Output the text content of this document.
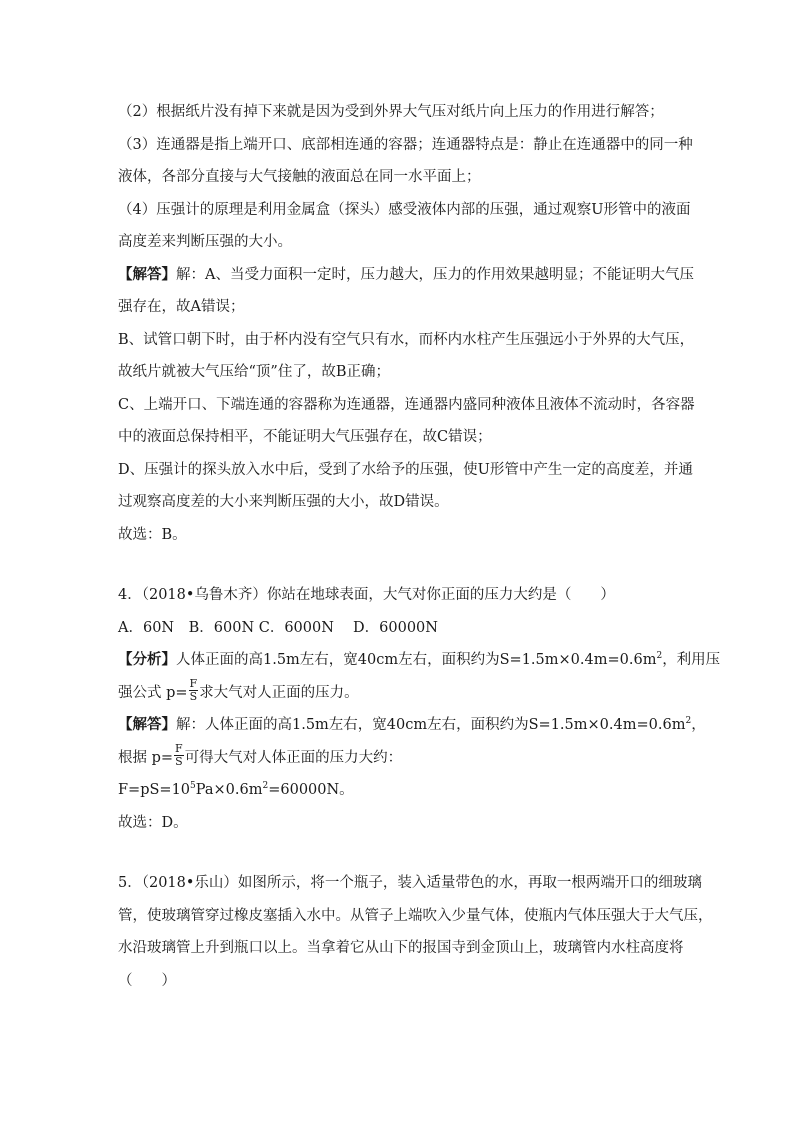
（2）根据纸片没有掉下来就是因为受到外界大气压对纸片向上压力的作用进行解答；
（3）连通器是指上端开口、底部相连通的容器；连通器特点是：静止在连通器中的同一种
液体，各部分直接与大气接触的液面总在同一水平面上；
（4）压强计的原理是利用金属盒（探头）感受液体内部的压强，通过观察U形管中的液面
高度差来判断压强的大小。
【解答】解：A、当受力面积一定时，压力越大，压力的作用效果越明显；不能证明大气压
强存在，故A错误；
B、试管口朝下时，由于杯内没有空气只有水，而杯内水柱产生压强远小于外界的大气压，
故纸片就被大气压给“顶”住了，故B正确；
C、上端开口、下端连通的容器称为连通器，连通器内盛同种液体且液体不流动时，各容器
中的液面总保持相平，不能证明大气压强存在，故C错误；
D、压强计的探头放入水中后，受到了水给予的压强，使U形管中产生一定的高度差，并通
过观察高度差的大小来判断压强的大小，故D错误。
故选：B。
4．（2018•乌鲁木齐）你站在地球表面，大气对你正面的压力大约是（　　）
A．60N　B．600N C．6000N　 D．60000N
【分析】人体正面的高1.5m左右，宽40cm左右，面积约为$S=1.5m\times 0.4m=0.6m^2$，利用压
强公式 $p= \frac{F}{S}$ 求大气对人正面的压力。
【解答】解：人体正面的高1.5m左右，宽40cm左右，面积约为$S=1.5m\times 0.4m=0.6m^2$，
根据 $p= \frac{F}{S}$ 可得大气对人体正面的压力大约：
$F=pS=10^5Pa\times 0.6m^2=60000N$。
故选：D。
5．（2018•乐山）如图所示，将一个瓶子，装入适量带色的水，再取一根两端开口的细玻璃
管，使玻璃管穿过橡皮塞插入水中。从管子上端吹入少量气体，使瓶内气体压强大于大气压，
水沿玻璃管上升到瓶口以上。当拿着它从山下的报国寺到金顶山上，玻璃管内水柱高度将
（　　）
